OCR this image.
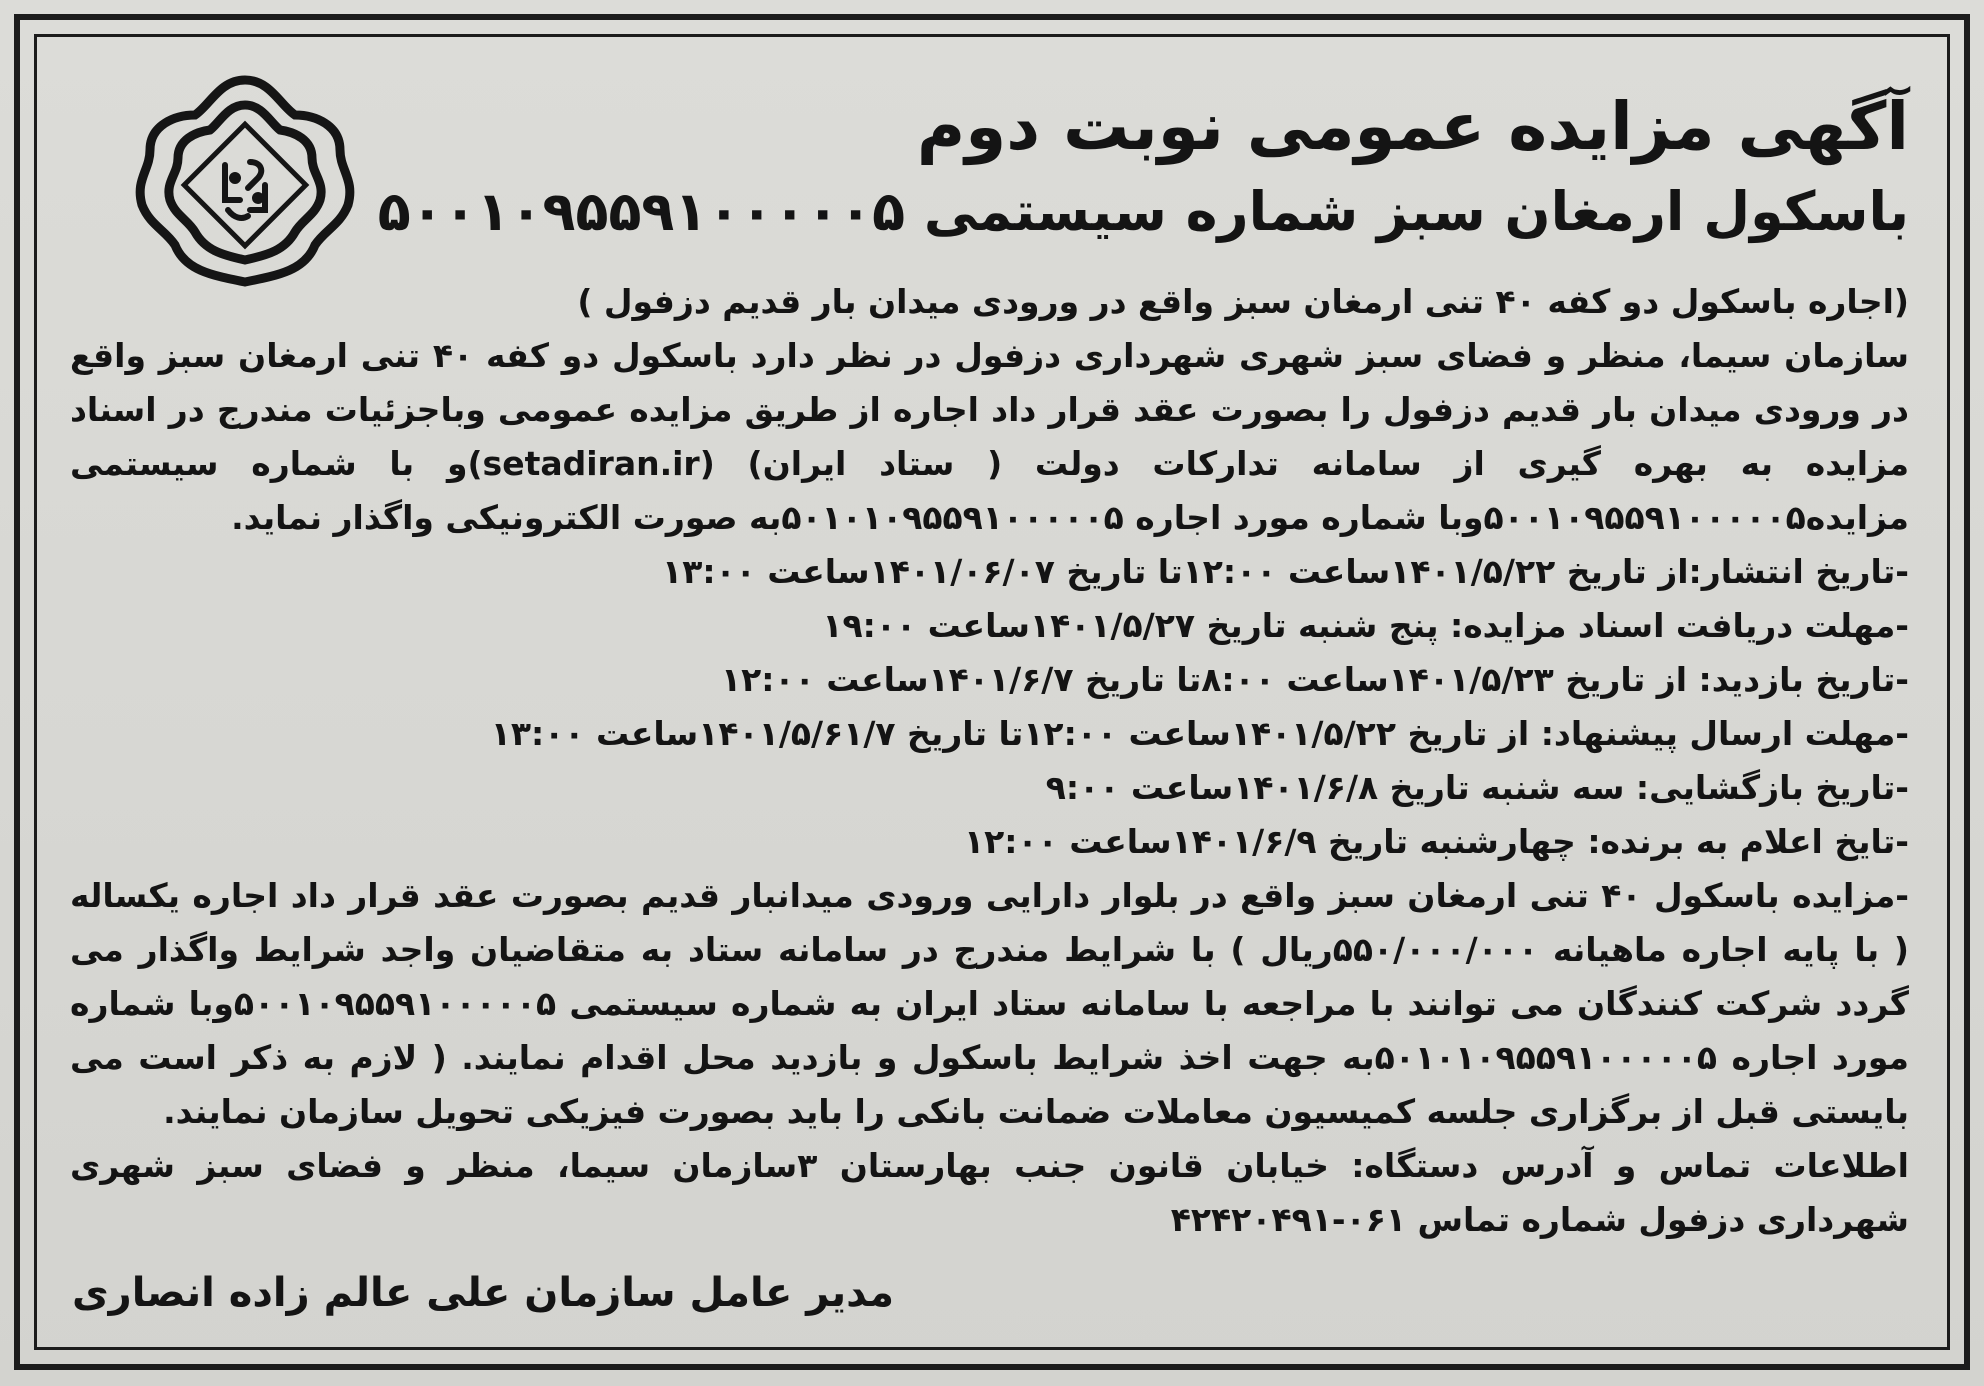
آگهی مزایده عمومی نوبت دوم
باسکول ارمغان سبز شماره سیستمی ۵۰۰۱۰۹۵۵۹۱۰۰۰۰۰۵

(اجاره باسکول دو کفه ۴۰ تنی ارمغان سبز واقع در ورودی میدان بار قدیم دزفول )

سازمان سیما، منظر و فضای سبز شهری شهرداری دزفول در نظر دارد باسکول دو کفه ۴۰ تنی ارمغان سبز واقع در ورودی میدان بار قدیم دزفول را بصورت عقد قرار داد اجاره از طریق مزایده عمومی وباجزئیات مندرج در اسناد مزایده به بهره گیری از سامانه تدارکات دولت ( ستاد ایران) (setadiran.ir)و با شماره سیستمی مزایده۵۰۰۱۰۹۵۵۹۱۰۰۰۰۰۵وبا شماره مورد اجاره ۵۰۱۰۱۰۹۵۵۹۱۰۰۰۰۰۵به صورت الکترونیکی واگذار نماید.

-تاریخ انتشار:از تاریخ ۱۴۰۱/۵/۲۲ساعت ۱۲:۰۰تا تاریخ ۱۴۰۱/۰۶/۰۷ساعت ۱۳:۰۰

-مهلت دریافت اسناد مزایده: پنج شنبه تاریخ ۱۴۰۱/۵/۲۷ساعت ۱۹:۰۰

-تاریخ بازدید: از تاریخ ۱۴۰۱/۵/۲۳ساعت ۸:۰۰تا تاریخ ۱۴۰۱/۶/۷ساعت ۱۲:۰۰

-مهلت ارسال پیشنهاد: از تاریخ ۱۴۰۱/۵/۲۲ساعت ۱۲:۰۰تا تاریخ ۱۴۰۱/۵/۶۱/۷ساعت ۱۳:۰۰

-تاریخ بازگشایی: سه شنبه تاریخ ۱۴۰۱/۶/۸ساعت ۹:۰۰

-تایخ اعلام به برنده: چهارشنبه تاریخ ۱۴۰۱/۶/۹ساعت ۱۲:۰۰

-مزایده باسکول ۴۰ تنی ارمغان سبز واقع در بلوار دارایی ورودی میدانبار قدیم بصورت عقد قرار داد اجاره یکساله ( با پایه اجاره ماهیانه ۵۵۰/۰۰۰/۰۰۰ریال ) با شرایط مندرج در سامانه ستاد به متقاضیان واجد شرایط واگذار می گردد شرکت کنندگان می توانند با مراجعه با سامانه ستاد ایران به شماره سیستمی ۵۰۰۱۰۹۵۵۹۱۰۰۰۰۰۵وبا شماره مورد اجاره ۵۰۱۰۱۰۹۵۵۹۱۰۰۰۰۰۵به جهت اخذ شرایط باسکول و بازدید محل اقدام نمایند. ( لازم به ذکر است می بایستی قبل از برگزاری جلسه کمیسیون معاملات ضمانت بانکی را باید بصورت فیزیکی تحویل سازمان نمایند.

اطلاعات تماس و آدرس دستگاه: خیابان قانون جنب بهارستان ۳سازمان سیما، منظر و فضای سبز شهری شهرداری دزفول شماره تماس ۰۶۱-۴۲۴۲۰۴۹۱

مدیر عامل سازمان علی عالم زاده انصاری
